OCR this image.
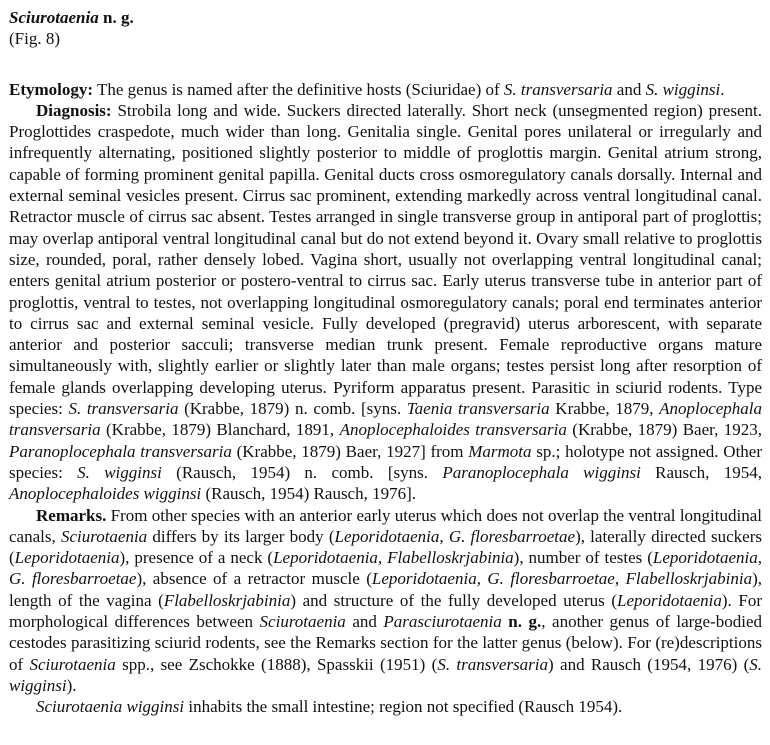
Sciurotaenia n. g.
(Fig. 8)

Etymology: The genus is named after the definitive hosts (Sciuridae) of S. transversaria and S. wigginsi.

Diagnosis: Strobila long and wide. Suckers directed laterally. Short neck (unsegmented region) present. Proglottides craspedote, much wider than long. Genitalia single. Genital pores unilateral or irregularly and infrequently alternating, positioned slightly posterior to middle of proglottis margin. Genital atrium strong, capable of forming prominent genital papilla. Genital ducts cross osmoregulatory canals dorsally. Internal and external seminal vesicles present. Cirrus sac prominent, extending markedly across ventral longitudinal canal. Retractor muscle of cirrus sac absent. Testes arranged in single transverse group in antiporal part of proglottis; may overlap antiporal ventral longitudinal canal but do not extend beyond it. Ovary small relative to proglottis size, rounded, poral, rather densely lobed. Vagina short, usually not overlapping ventral longitudinal canal; enters genital atrium posterior or postero-ventral to cirrus sac. Early uterus transverse tube in anterior part of proglottis, ventral to testes, not overlapping longitudinal osmoregulatory canals; poral end terminates anterior to cirrus sac and external seminal vesicle. Fully developed (pregravid) uterus arborescent, with separate anterior and posterior sacculi; transverse median trunk present. Female reproductive organs mature simultaneously with, slightly earlier or slightly later than male organs; testes persist long after resorption of female glands overlapping developing uterus. Pyriform apparatus present. Parasitic in sciurid rodents. Type species: S. transversaria (Krabbe, 1879) n. comb. [syns. Taenia transversaria Krabbe, 1879, Anoplocephala transversaria (Krabbe, 1879) Blanchard, 1891, Anoplocephaloides transversaria (Krabbe, 1879) Baer, 1923, Paranoplocephala transversaria (Krabbe, 1879) Baer, 1927] from Marmota sp.; holotype not assigned. Other species: S. wigginsi (Rausch, 1954) n. comb. [syns. Paranoplocephala wigginsi Rausch, 1954, Anoplocephaloides wigginsi (Rausch, 1954) Rausch, 1976].

Remarks. From other species with an anterior early uterus which does not overlap the ventral longitudinal canals, Sciurotaenia differs by its larger body (Leporidotaenia, G. floresbarroetae), laterally directed suckers (Leporidotaenia), presence of a neck (Leporidotaenia, Flabelloskrjabinia), number of testes (Leporidotaenia, G. floresbarroetae), absence of a retractor muscle (Leporidotaenia, G. floresbarroetae, Flabelloskrjabinia), length of the vagina (Flabelloskrjabinia) and structure of the fully developed uterus (Leporidotaenia). For morphological differences between Sciurotaenia and Parasciurotaenia n. g., another genus of large-bodied cestodes parasitizing sciurid rodents, see the Remarks section for the latter genus (below). For (re)descriptions of Sciurotaenia spp., see Zschokke (1888), Spasskii (1951) (S. transversaria) and Rausch (1954, 1976) (S. wigginsi).

Sciurotaenia wigginsi inhabits the small intestine; region not specified (Rausch 1954).
